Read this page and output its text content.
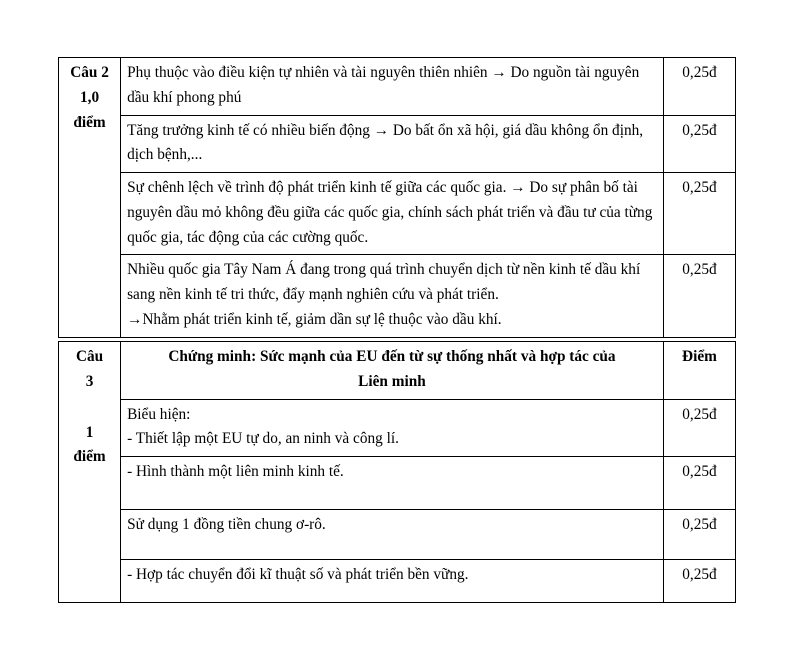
Câu 2
1,0
điểm	Phụ thuộc vào điều kiện tự nhiên và tài nguyên thiên nhiên → Do nguồn tài nguyên dầu khí phong phú	0,25đ

	Tăng trưởng kinh tế có nhiều biến động → Do bất ổn xã hội, giá dầu không ổn định, dịch bệnh,...	0,25đ

	Sự chênh lệch về trình độ phát triển kinh tế giữa các quốc gia. → Do sự phân bố tài nguyên dầu mỏ không đều giữa các quốc gia, chính sách phát triển và đầu tư của từng quốc gia, tác động của các cường quốc.	0,25đ

	Nhiều quốc gia Tây Nam Á đang trong quá trình chuyển dịch từ nền kinh tế dầu khí sang nền kinh tế tri thức, đẩy mạnh nghiên cứu và phát triển.
→Nhằm phát triển kinh tế, giảm dần sự lệ thuộc vào dầu khí.	0,25đ
Câu
3
1
điểm	Chứng minh: Sức mạnh của EU đến từ sự thống nhất và hợp tác của
Liên minh	Điểm

	Biểu hiện:
- Thiết lập một EU tự do, an ninh và công lí.	0,25đ

	- Hình thành một liên minh kinh tế.	0,25đ

	Sử dụng 1 đồng tiền chung ơ-rô.	0,25đ

	- Hợp tác chuyển đổi kĩ thuật số và phát triển bền vững.	0,25đ
